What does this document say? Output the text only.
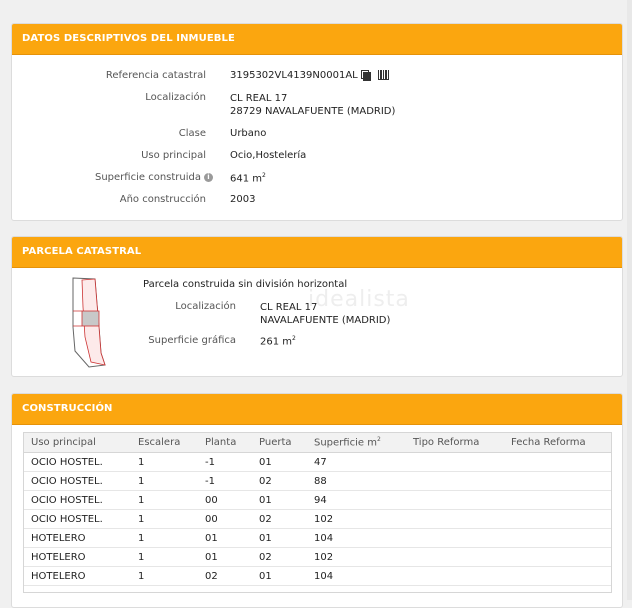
DATOS DESCRIPTIVOS DEL INMUEBLE
Referencia catastral 3195302VL4139N0001AL
Localización CL REAL 17
28729 NAVALAFUENTE (MADRID)
Clase Urbano
Uso principal Ocio,Hostelería
Superficie construida i	641 $m^2$
Año construcción 2003
PARCELA CATASTRAL
idealista
Parcela construida sin división horizontal
Localización CL REAL 17
NAVALAFUENTE (MADRID)
Superficie gráfica 261 $m^2$
CONSTRUCCIÓN
Uso principal	Escalera	Planta	Puerta	Superficie $m^2$	Tipo Reforma	Fecha Reforma
OCIO HOSTEL.	1	-1	01	47		
OCIO HOSTEL.	1	-1	02	88		
OCIO HOSTEL.	1	00	01	94		
OCIO HOSTEL.	1	00	02	102		
HOTELERO	1	01	01	104		
HOTELERO	1	01	02	102		
HOTELERO	1	02	01	104		
